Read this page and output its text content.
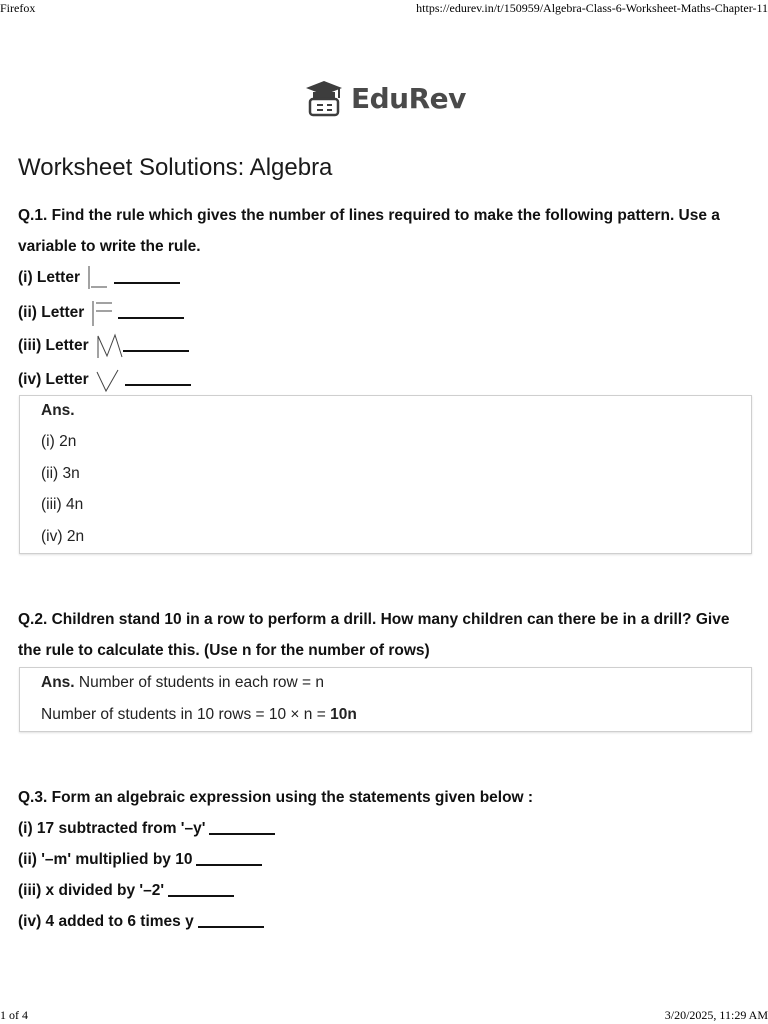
Firefox	https://edurev.in/t/150959/Algebra-Class-6-Worksheet-Maths-Chapter-11
EduRev
Worksheet Solutions: Algebra
Q.1. Find the rule which gives the number of lines required to make the following pattern. Use a variable to write the rule.
(i) Letter
(ii) Letter
(iii) Letter
(iv) Letter
Ans.
(i) 2n
(ii) 3n
(iii) 4n
(iv) 2n
Q.2. Children stand 10 in a row to perform a drill. How many children can there be in a drill? Give the rule to calculate this. (Use n for the number of rows)
Ans. Number of students in each row = n
Number of students in 10 rows = 10 × n = 10n
Q.3. Form an algebraic expression using the statements given below :
(i) 17 subtracted from '–y'
(ii) '–m' multiplied by 10
(iii) x divided by '–2'
(iv) 4 added to 6 times y
1 of 4	3/20/2025, 11:29 AM
